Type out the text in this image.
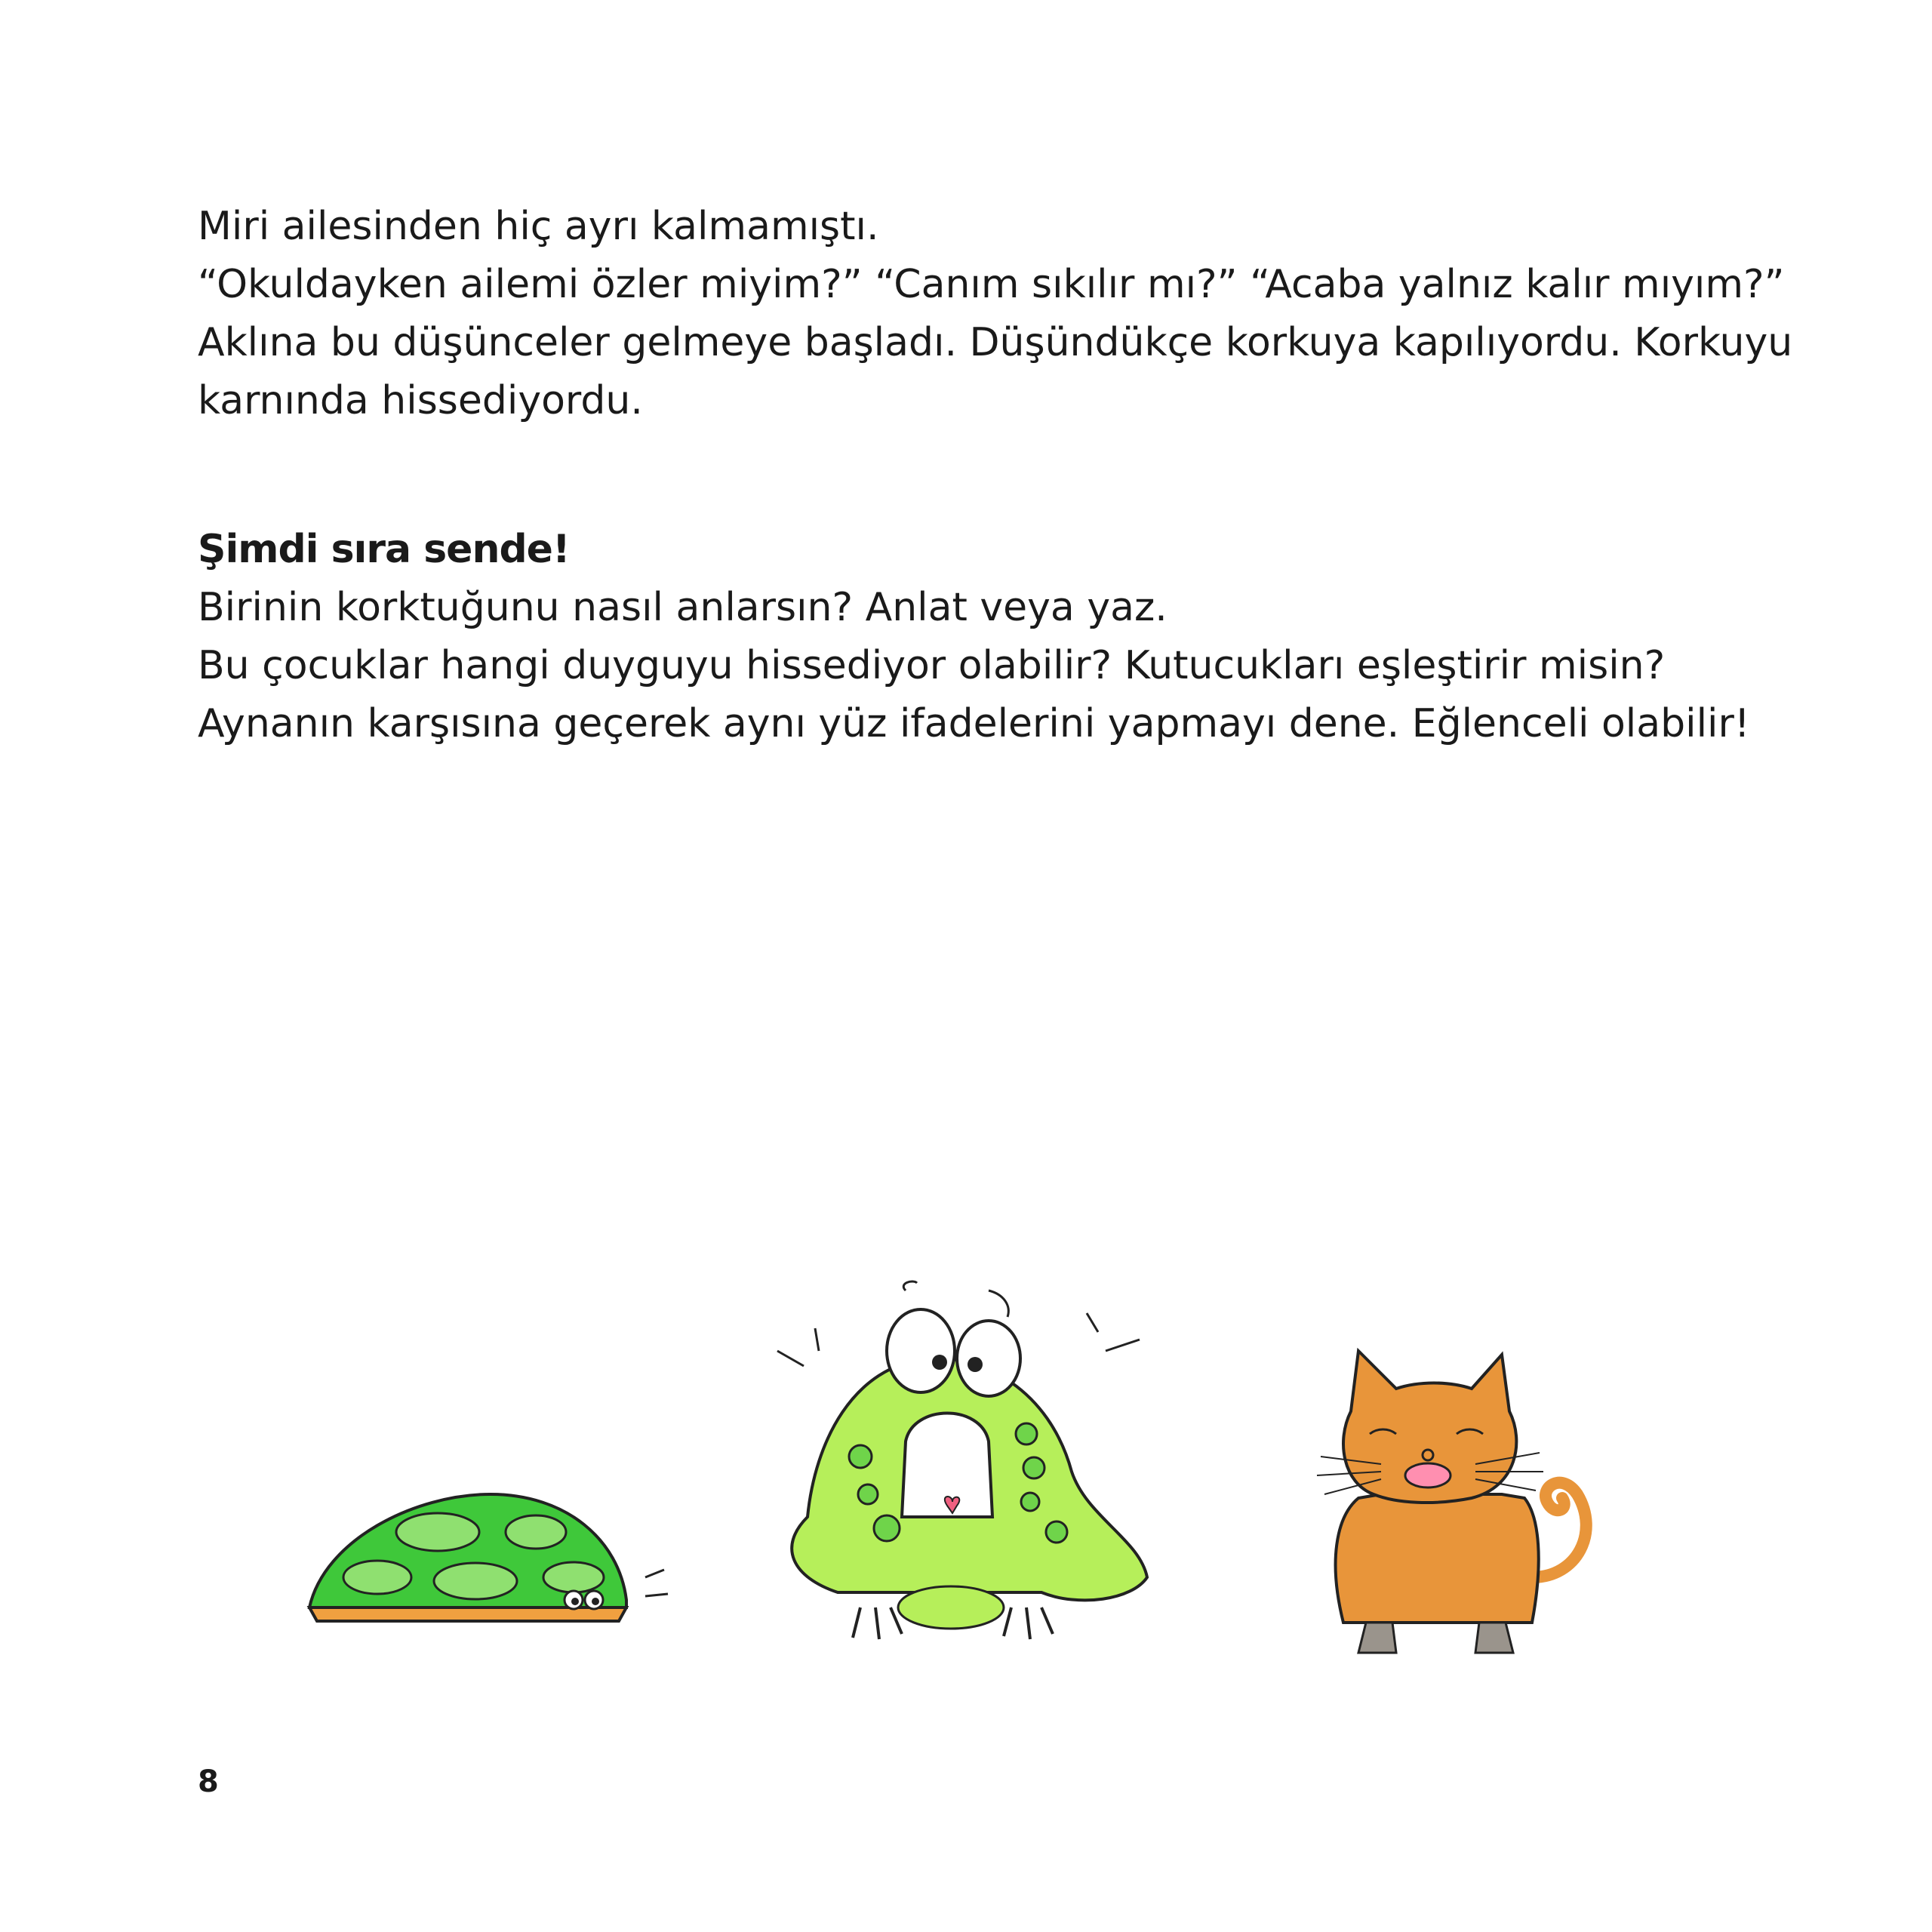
Miri ailesinden hiç ayrı kalmamıştı.

“Okuldayken ailemi özler miyim?” “Canım sıkılır mı?” “Acaba yalnız kalır mıyım?”

Aklına bu düşünceler gelmeye başladı. Düşündükçe korkuya kapılıyordu. Korkuyu

karnında hissediyordu.

Şimdi sıra sende!

Birinin korktuğunu nasıl anlarsın? Anlat veya yaz.

Bu çocuklar hangi duyguyu hissediyor olabilir? Kutucukları eşleştirir misin?

Aynanın karşısına geçerek aynı yüz ifadelerini yapmayı dene. Eğlenceli olabilir!

8
